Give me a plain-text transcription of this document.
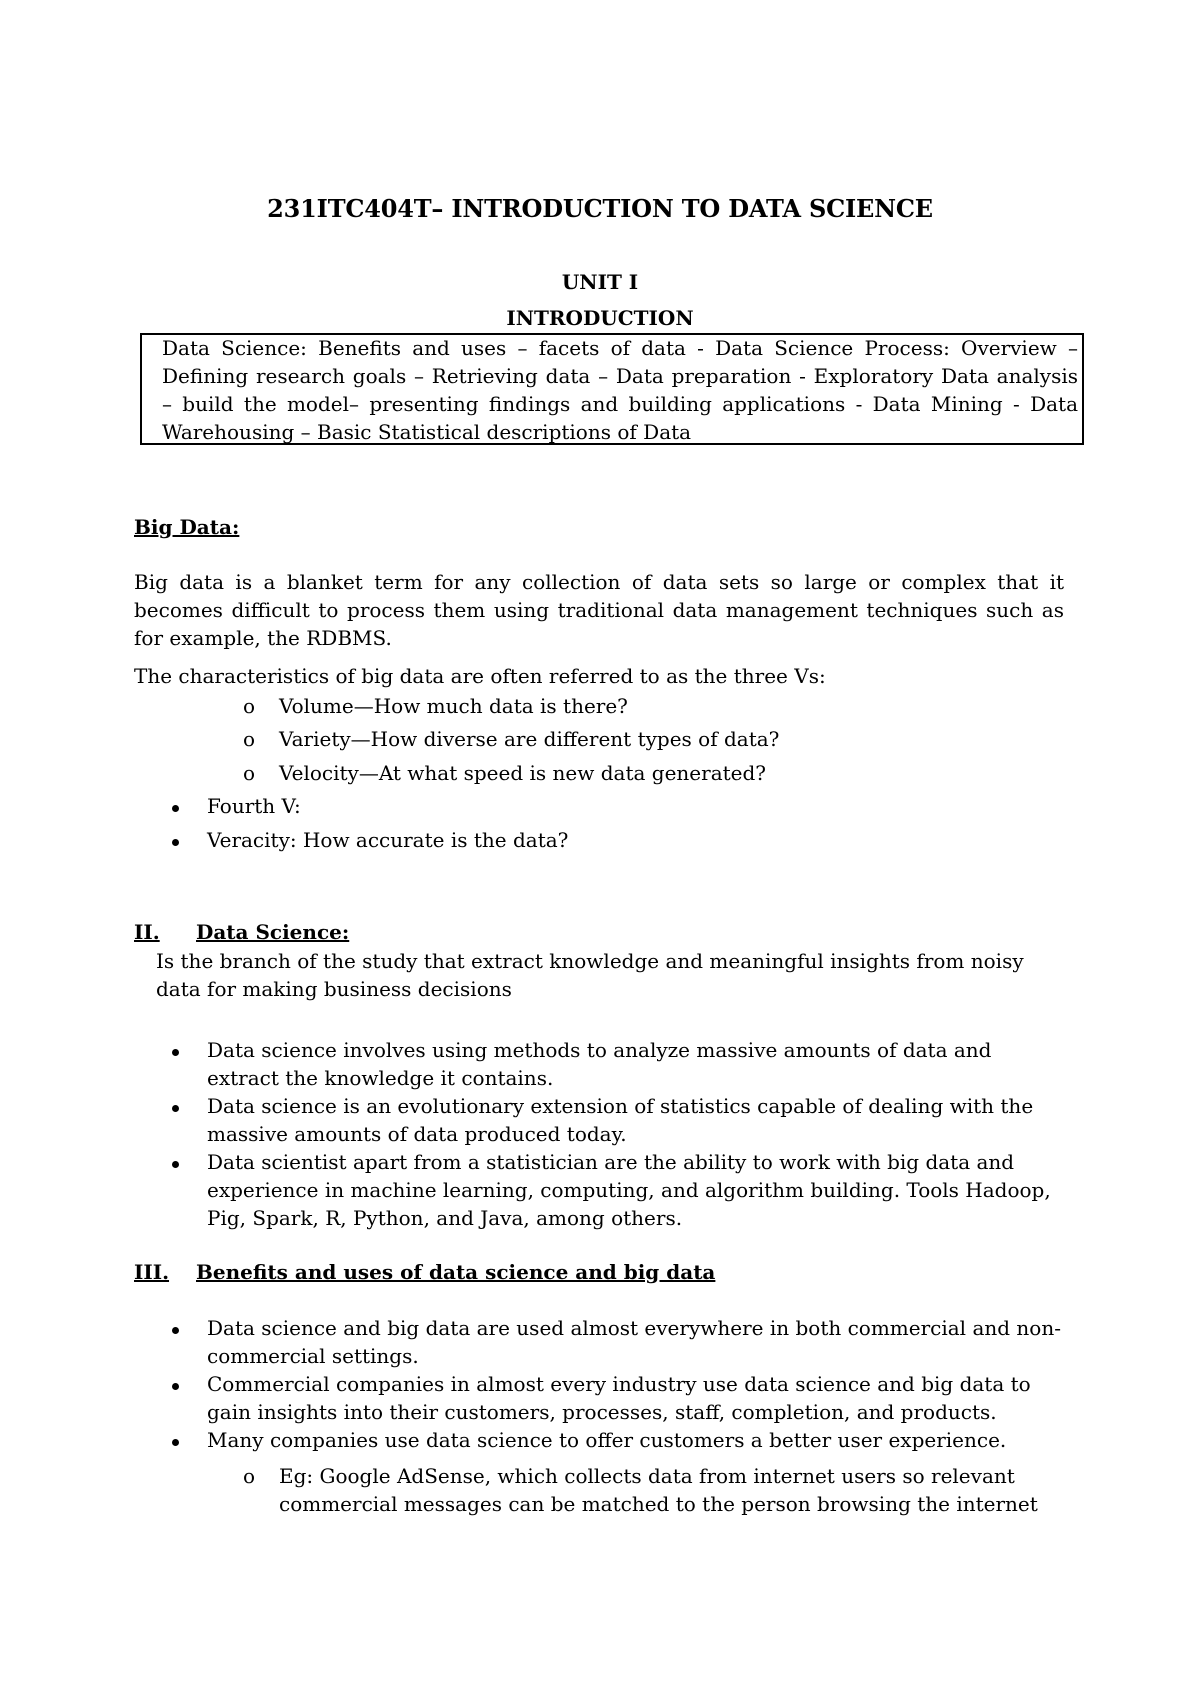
231ITC404T– INTRODUCTION TO DATA SCIENCE
UNIT I
INTRODUCTION
Data Science: Benefits and uses – facets of data - Data Science Process: Overview –
Defining research goals – Retrieving data – Data preparation - Exploratory Data analysis
– build the model– presenting findings and building applications - Data Mining - Data
Warehousing – Basic Statistical descriptions of Data
Big Data:
Big data is a blanket term for any collection of data sets so large or complex that it
becomes difficult to process them using traditional data management techniques such as
for example, the RDBMS.
The characteristics of big data are often referred to as the three Vs:
o Volume—How much data is there?
o Variety—How diverse are different types of data?
o Velocity—At what speed is new data generated?
Fourth V:
Veracity: How accurate is the data?
II. Data Science:
Is the branch of the study that extract knowledge and meaningful insights from noisy
data for making business decisions
Data science involves using methods to analyze massive amounts of data and
extract the knowledge it contains.
Data science is an evolutionary extension of statistics capable of dealing with the
massive amounts of data produced today.
Data scientist apart from a statistician are the ability to work with big data and
experience in machine learning, computing, and algorithm building. Tools Hadoop,
Pig, Spark, R, Python, and Java, among others.
III. Benefits and uses of data science and big data
Data science and big data are used almost everywhere in both commercial and non-
commercial settings.
Commercial companies in almost every industry use data science and big data to
gain insights into their customers, processes, staff, completion, and products.
Many companies use data science to offer customers a better user experience.
o Eg: Google AdSense, which collects data from internet users so relevant
commercial messages can be matched to the person browsing the internet
